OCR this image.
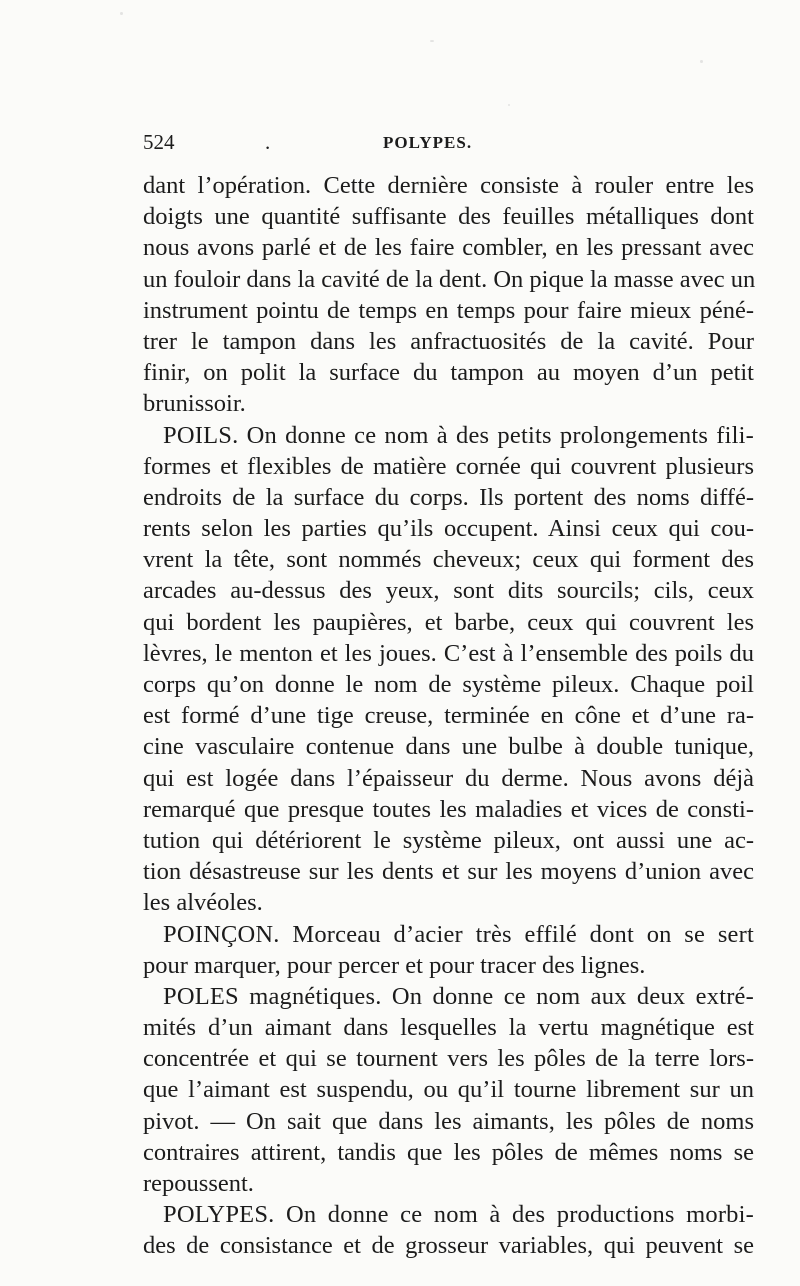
524	.	POLYPES.
dant l’opération. Cette dernière consiste à rouler entre les
doigts une quantité suffisante des feuilles métalliques dont
nous avons parlé et de les faire combler, en les pressant avec
un fouloir dans la cavité de la dent. On pique la masse avec un
instrument pointu de temps en temps pour faire mieux péné-
trer le tampon dans les anfractuosités de la cavité. Pour
finir, on polit la surface du tampon au moyen d’un petit
brunissoir.
POILS. On donne ce nom à des petits prolongements fili-
formes et flexibles de matière cornée qui couvrent plusieurs
endroits de la surface du corps. Ils portent des noms diffé-
rents selon les parties qu’ils occupent. Ainsi ceux qui cou-
vrent la tête, sont nommés cheveux; ceux qui forment des
arcades au-dessus des yeux, sont dits sourcils; cils, ceux
qui bordent les paupières, et barbe, ceux qui couvrent les
lèvres, le menton et les joues. C’est à l’ensemble des poils du
corps qu’on donne le nom de système pileux. Chaque poil
est formé d’une tige creuse, terminée en cône et d’une ra-
cine vasculaire contenue dans une bulbe à double tunique,
qui est logée dans l’épaisseur du derme. Nous avons déjà
remarqué que presque toutes les maladies et vices de consti-
tution qui détériorent le système pileux, ont aussi une ac-
tion désastreuse sur les dents et sur les moyens d’union avec
les alvéoles.
POINÇON. Morceau d’acier très effilé dont on se sert
pour marquer, pour percer et pour tracer des lignes.
POLES magnétiques. On donne ce nom aux deux extré-
mités d’un aimant dans lesquelles la vertu magnétique est
concentrée et qui se tournent vers les pôles de la terre lors-
que l’aimant est suspendu, ou qu’il tourne librement sur un
pivot. — On sait que dans les aimants, les pôles de noms
contraires attirent, tandis que les pôles de mêmes noms se
repoussent.
POLYPES. On donne ce nom à des productions morbi-
des de consistance et de grosseur variables, qui peuvent se
